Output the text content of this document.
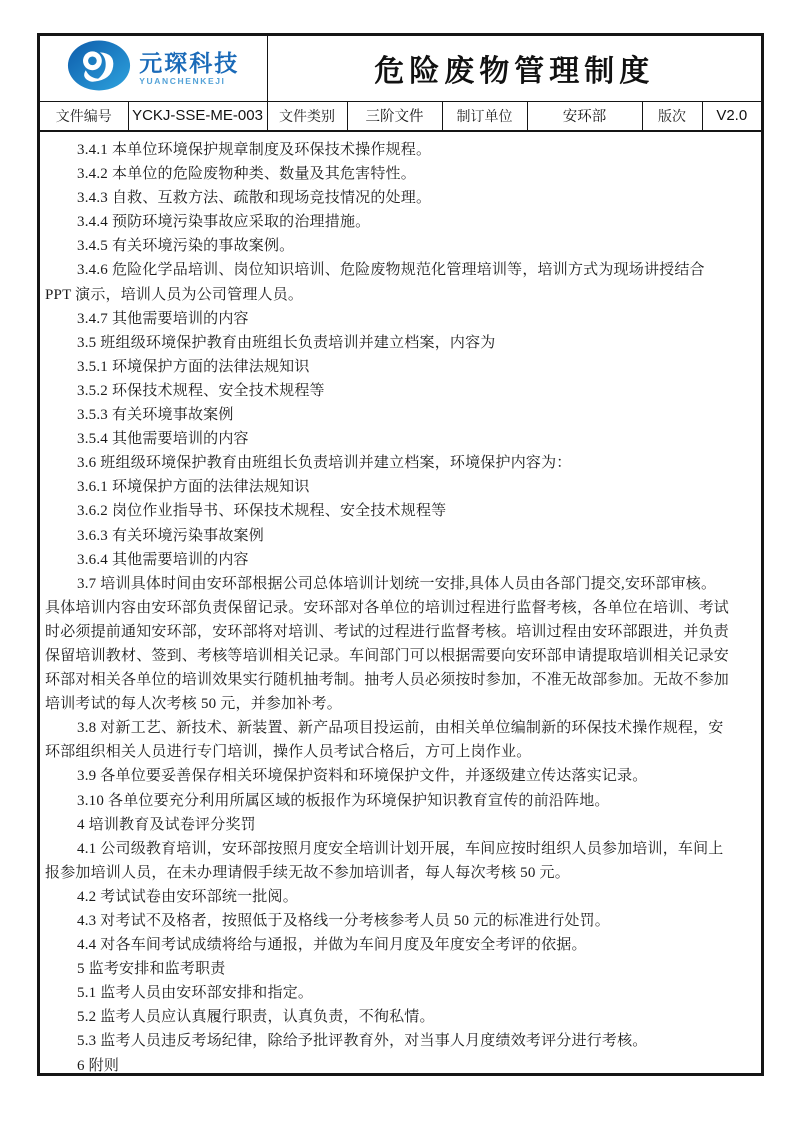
元琛科技
YUANCHENKEJI		危险废物管理制度					

文件编号	YCKJ-SSE-ME-003	文件类别	三阶文件	制订单位	安环部	版次	V2.0
3.4.1 本单位环境保护规章制度及环保技术操作规程。
3.4.2 本单位的危险废物种类、数量及其危害特性。
3.4.3 自救、互救方法、疏散和现场竞技情况的处理。
3.4.4 预防环境污染事故应采取的治理措施。
3.4.5 有关环境污染的事故案例。
3.4.6 危险化学品培训、岗位知识培训、危险废物规范化管理培训等，培训方式为现场讲授结合
PPT 演示，培训人员为公司管理人员。
3.4.7 其他需要培训的内容
3.5 班组级环境保护教育由班组长负责培训并建立档案，内容为
3.5.1 环境保护方面的法律法规知识
3.5.2 环保技术规程、安全技术规程等
3.5.3 有关环境事故案例
3.5.4 其他需要培训的内容
3.6 班组级环境保护教育由班组长负责培训并建立档案，环境保护内容为：
3.6.1 环境保护方面的法律法规知识
3.6.2 岗位作业指导书、环保技术规程、安全技术规程等
3.6.3 有关环境污染事故案例
3.6.4 其他需要培训的内容
3.7 培训具体时间由安环部根据公司总体培训计划统一安排,具体人员由各部门提交,安环部审核。
具体培训内容由安环部负责保留记录。安环部对各单位的培训过程进行监督考核，各单位在培训、考试
时必须提前通知安环部，安环部将对培训、考试的过程进行监督考核。培训过程由安环部跟进，并负责
保留培训教材、签到、考核等培训相关记录。车间部门可以根据需要向安环部申请提取培训相关记录安
环部对相关各单位的培训效果实行随机抽考制。抽考人员必须按时参加，不准无故部参加。无故不参加
培训考试的每人次考核 50 元，并参加补考。
3.8 对新工艺、新技术、新装置、新产品项目投运前，由相关单位编制新的环保技术操作规程，安
环部组织相关人员进行专门培训，操作人员考试合格后，方可上岗作业。
3.9 各单位要妥善保存相关环境保护资料和环境保护文件，并逐级建立传达落实记录。
3.10 各单位要充分利用所属区域的板报作为环境保护知识教育宣传的前沿阵地。
4 培训教育及试卷评分奖罚
4.1 公司级教育培训，安环部按照月度安全培训计划开展，车间应按时组织人员参加培训，车间上
报参加培训人员，在未办理请假手续无故不参加培训者，每人每次考核 50 元。
4.2 考试试卷由安环部统一批阅。
4.3 对考试不及格者，按照低于及格线一分考核参考人员 50 元的标准进行处罚。
4.4 对各车间考试成绩将给与通报，并做为车间月度及年度安全考评的依据。
5 监考安排和监考职责
5.1 监考人员由安环部安排和指定。
5.2 监考人员应认真履行职责，认真负责，不徇私情。
5.3 监考人员违反考场纪律，除给予批评教育外，对当事人月度绩效考评分进行考核。
6 附则
